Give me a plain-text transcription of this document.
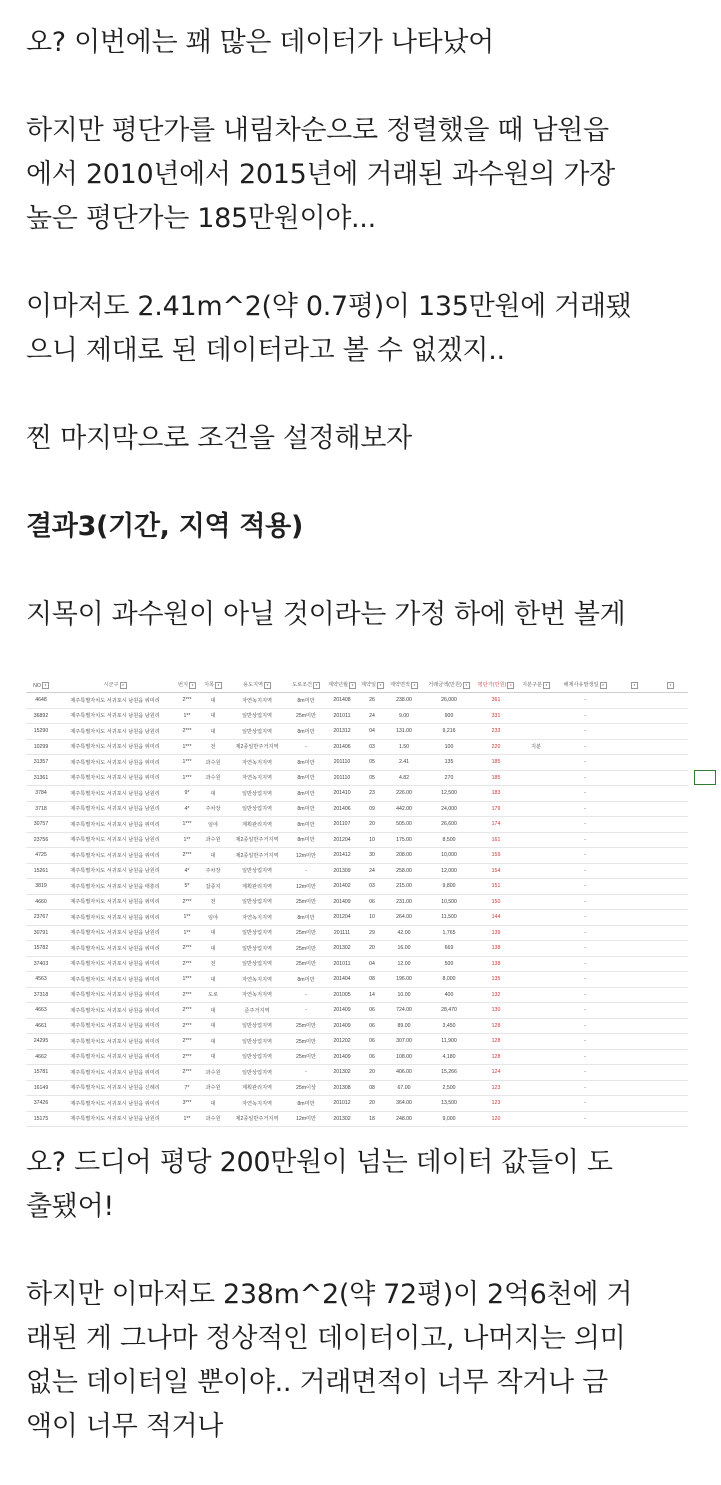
오? 이번에는 꽤 많은 데이터가 나타났어
하지만 평단가를 내림차순으로 정렬했을 때 남원읍
에서 2010년에서 2015년에 거래된 과수원의 가장
높은 평단가는 185만원이야...
이마저도 2.41m^2(약 0.7평)이 135만원에 거래됐
으니 제대로 된 데이터라고 볼 수 없겠지..
찐 마지막으로 조건을 설정해보자
결과3(기간, 지역 적용)
지목이 과수원이 아닐 것이라는 가정 하에 한번 볼게
NO ▾	시군구 ▾	번지 ▾	지목 ▾	용도지역 ▾	도로조건 ▾	계약년월 ▾	계약일 ▾	계약면적 ▾	거래금액(만원) ▾	평단가(만원) ▾	지분구분 ▾	해제사유발생일 ▾	▾	▾
4648	제주특별자치도 서귀포시 남원읍 위미리	2***	대	자연녹지지역	8m미만	201408	26	238.00	26,000	361		-		
36892	제주특별자치도 서귀포시 남원읍 남원리	1**	대	일반상업지역	25m미만	201011	24	9.00	900	331		-		
15290	제주특별자치도 서귀포시 남원읍 남원리	2***	대	일반상업지역	8m미만	201312	04	131.00	9,216	233		-		
10299	제주특별자치도 서귀포시 남원읍 위미리	1***	전	제2종일반주거지역	-	201406	03	1.50	100	220	지분	-		
31357	제주특별자치도 서귀포시 남원읍 위미리	1***	과수원	자연녹지지역	8m미만	201110	05	2.41	135	185		-		
31361	제주특별자치도 서귀포시 남원읍 위미리	1***	과수원	자연녹지지역	8m미만	201110	05	4.82	270	185		-		
3784	제주특별자치도 서귀포시 남원읍 남원리	9*	대	일반상업지역	8m미만	201410	23	226.00	12,500	183		-		
3718	제주특별자치도 서귀포시 남원읍 남원리	4*	주차장	일반상업지역	8m미만	201406	09	442.00	24,000	179		-		
30757	제주특별자치도 서귀포시 남원읍 위미리	1***	임야	계획관리지역	8m미만	201107	20	505.00	26,600	174		-		
23756	제주특별자치도 서귀포시 남원읍 남원리	1**	과수원	제2종일반주거지역	8m미만	201204	10	175.00	8,500	161		-		
4725	제주특별자치도 서귀포시 남원읍 위미리	2***	대	제2종일반주거지역	12m미만	201412	30	208.00	10,000	159		-		
15261	제주특별자치도 서귀포시 남원읍 남원리	4*	주차장	일반상업지역	-	201309	24	258.00	12,000	154		-		
3819	제주특별자치도 서귀포시 남원읍 태흥리	5*	잡종지	계획관리지역	12m미만	201402	03	215.00	9,800	151		-		
4660	제주특별자치도 서귀포시 남원읍 위미리	2***	전	일반상업지역	25m미만	201409	06	231.00	10,500	150		-		
23767	제주특별자치도 서귀포시 남원읍 위미리	1**	임야	자연녹지지역	8m미만	201204	10	264.00	11,500	144		-		
30791	제주특별자치도 서귀포시 남원읍 남원리	1**	대	일반상업지역	25m미만	201111	29	42.00	1,765	139		-		
15782	제주특별자치도 서귀포시 남원읍 위미리	2***	대	일반상업지역	25m미만	201302	20	16.00	669	138		-		
37403	제주특별자치도 서귀포시 남원읍 위미리	2***	전	일반상업지역	25m미만	201011	04	12.00	500	138		-		
4563	제주특별자치도 서귀포시 남원읍 위미리	1***	대	자연녹지지역	8m미만	201404	08	196.00	8,000	135		-		
37318	제주특별자치도 서귀포시 남원읍 위미리	2***	도로	자연녹지지역	-	201005	14	10.00	400	132		-		
4663	제주특별자치도 서귀포시 남원읍 위미리	2***	대	준주거지역	-	201409	06	724.00	28,470	130		-		
4661	제주특별자치도 서귀포시 남원읍 위미리	2***	대	일반상업지역	25m미만	201409	06	89.00	3,450	128		-		
24295	제주특별자치도 서귀포시 남원읍 위미리	2***	대	일반상업지역	25m미만	201202	06	307.00	11,900	128		-		
4662	제주특별자치도 서귀포시 남원읍 위미리	2***	대	일반상업지역	25m미만	201409	06	108.00	4,180	128		-		
15781	제주특별자치도 서귀포시 남원읍 위미리	2***	과수원	일반상업지역	-	201302	20	406.00	15,266	124		-		
16149	제주특별자치도 서귀포시 남원읍 신례리	7*	과수원	계획관리지역	25m이상	201308	08	67.00	2,500	123		-		
37426	제주특별자치도 서귀포시 남원읍 위미리	3***	대	자연녹지지역	8m미만	201012	20	364.00	13,500	123		-		
15175	제주특별자치도 서귀포시 남원읍 남원리	1**	과수원	제2종일반주거지역	12m미만	201302	18	248.00	9,000	120		-		
오? 드디어 평당 200만원이 넘는 데이터 값들이 도
출됐어!
하지만 이마저도 238m^2(약 72평)이 2억6천에 거
래된 게 그나마 정상적인 데이터이고, 나머지는 의미
없는 데이터일 뿐이야.. 거래면적이 너무 작거나 금
액이 너무 적거나
